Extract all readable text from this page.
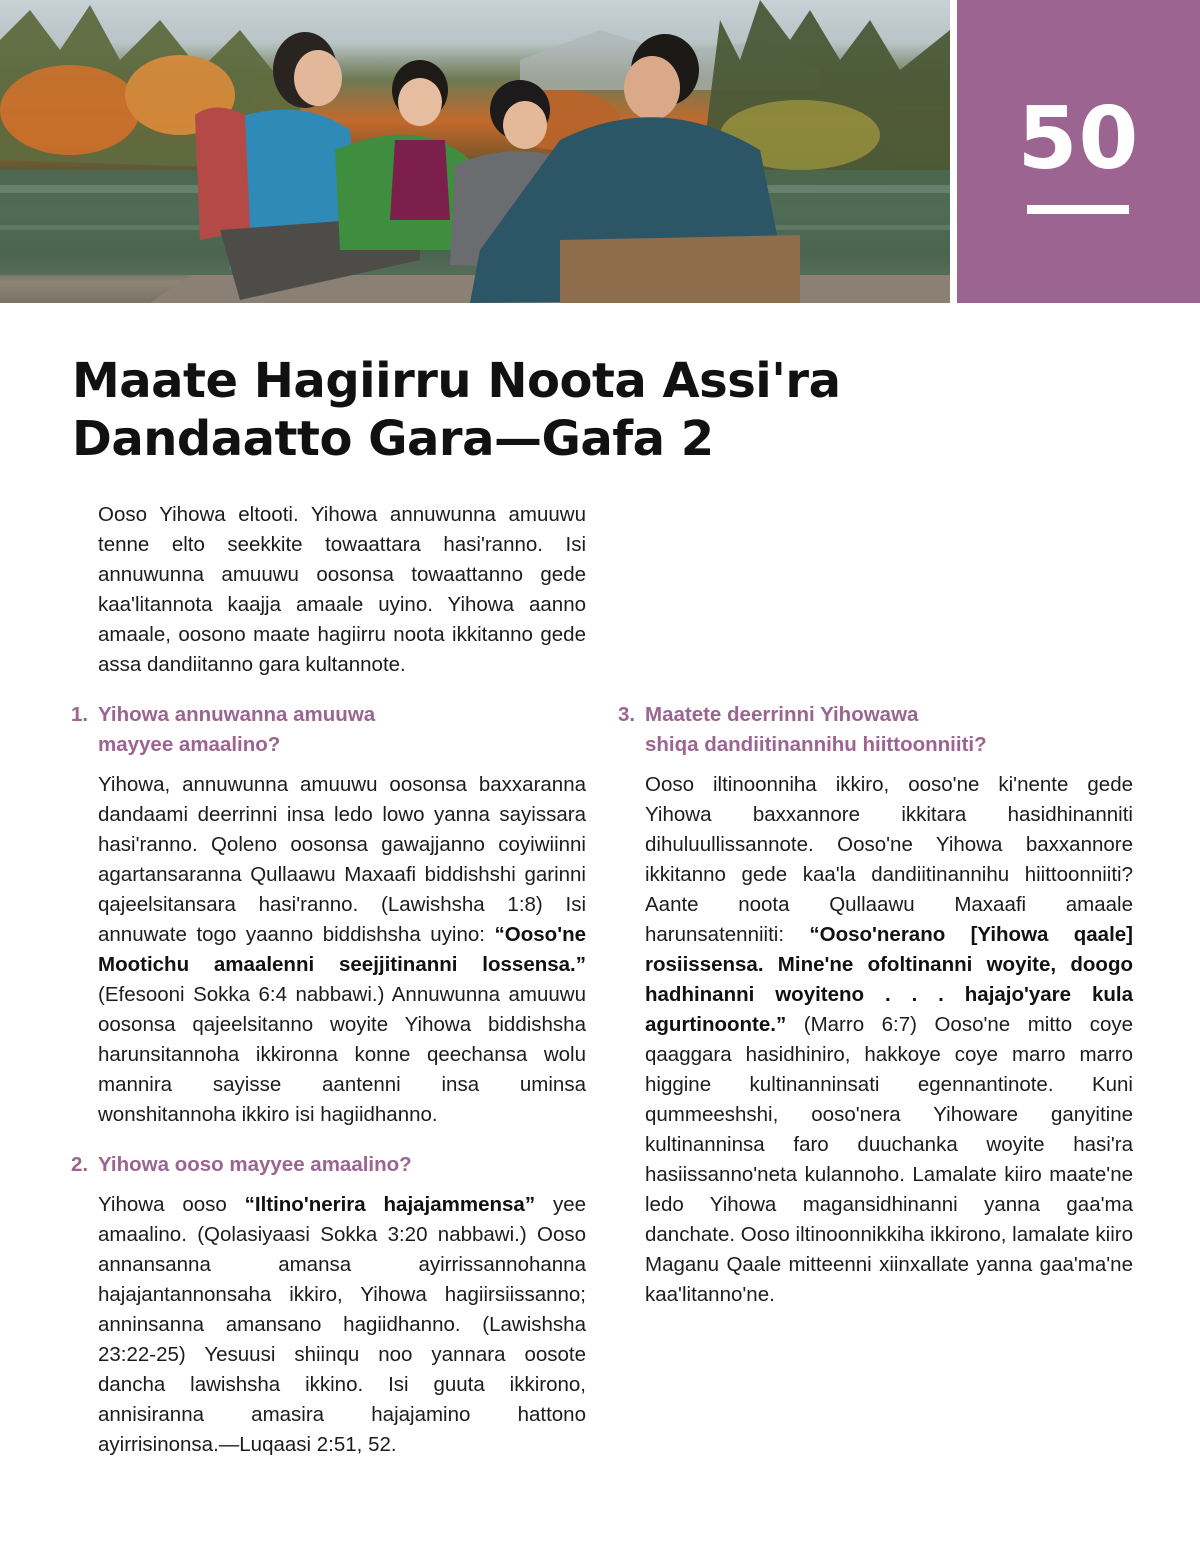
50
Maate Hagiirru Noota Assi'ra
Dandaatto Gara—Gafa 2

Ooso Yihowa eltooti. Yihowa annuwunna amuuwu tenne elto seekkite towaattara hasi'ranno. Isi annuwunna amuuwu oosonsa towaattanno gede kaa'litannota kaajja amaale uyino. Yihowa aanno amaale, oosono maate hagiirru noota ikkitanno gede assa dandiitanno gara kultannote.

1. Yihowa annuwanna amuuwa
mayyee amaalino?

Yihowa, annuwunna amuuwu oosonsa baxxaranna dandaami deerrinni insa ledo lowo yanna sayissara hasi'ranno. Qoleno oosonsa gawajjanno coyiwiinni agartansaranna Qullaawu Maxaafi biddishshi garinni qajeelsitansara hasi'ranno. (Lawishsha 1:8) Isi annuwate togo yaanno biddishsha uyino: “Ooso'ne Mootichu amaalenni seejjitinanni lossensa.” (Efesooni Sokka 6:4 nabbawi.) Annuwunna amuuwu oosonsa qajeelsitanno woyite Yihowa biddishsha harunsitannoha ikkironna konne qeechansa wolu mannira sayisse aantenni insa uminsa wonshitannoha ikkiro isi hagiidhanno.

2. Yihowa ooso mayyee amaalino?

Yihowa ooso “Iltino'nerira hajajammensa” yee amaalino. (Qolasiyaasi Sokka 3:20 nabbawi.) Ooso annansanna amansa ayirrissannohanna hajajantannonsaha ikkiro, Yihowa hagiirsiissanno; anninsanna amansano hagiidhanno. (Lawishsha 23:22-25) Yesuusi shiinqu noo yannara oosote dancha lawishsha ikkino. Isi guuta ikkirono, annisiranna amasira hajajamino hattono ayirrisinonsa.—Luqaasi 2:51, 52.

3. Maatete deerrinni Yihowawa
shiqa dandiitinannihu hiittoonniiti?

Ooso iltinoonniha ikkiro, ooso'ne ki'nente gede Yihowa baxxannore ikkitara hasidhinanniti dihuluullissannote. Ooso'ne Yihowa baxxannore ikkitanno gede kaa'la dandiitinannihu hiittoonniiti? Aante noota Qullaawu Maxaafi amaale harunsatenniiti: “Ooso'nerano [Yihowa qaale] rosiissensa. Mine'ne ofoltinanni woyite, doogo hadhinanni woyiteno . . . hajajo'yare kula agurtinoonte.” (Marro 6:7) Ooso'ne mitto coye qaaggara hasidhiniro, hakkoye coye marro marro higgine kultinanninsati egennantinote. Kuni qummeeshshi, ooso'nera Yihoware ganyitine kultinanninsa faro duuchanka woyite hasi'ra hasiissanno'neta kulannoho. Lamalate kiiro maate'ne ledo Yihowa magansidhinanni yanna gaa'ma danchate. Ooso iltinoonnikkiha ikkirono, lamalate kiiro Maganu Qaale mitteenni xiinxallate yanna gaa'ma'ne kaa'litanno'ne.
